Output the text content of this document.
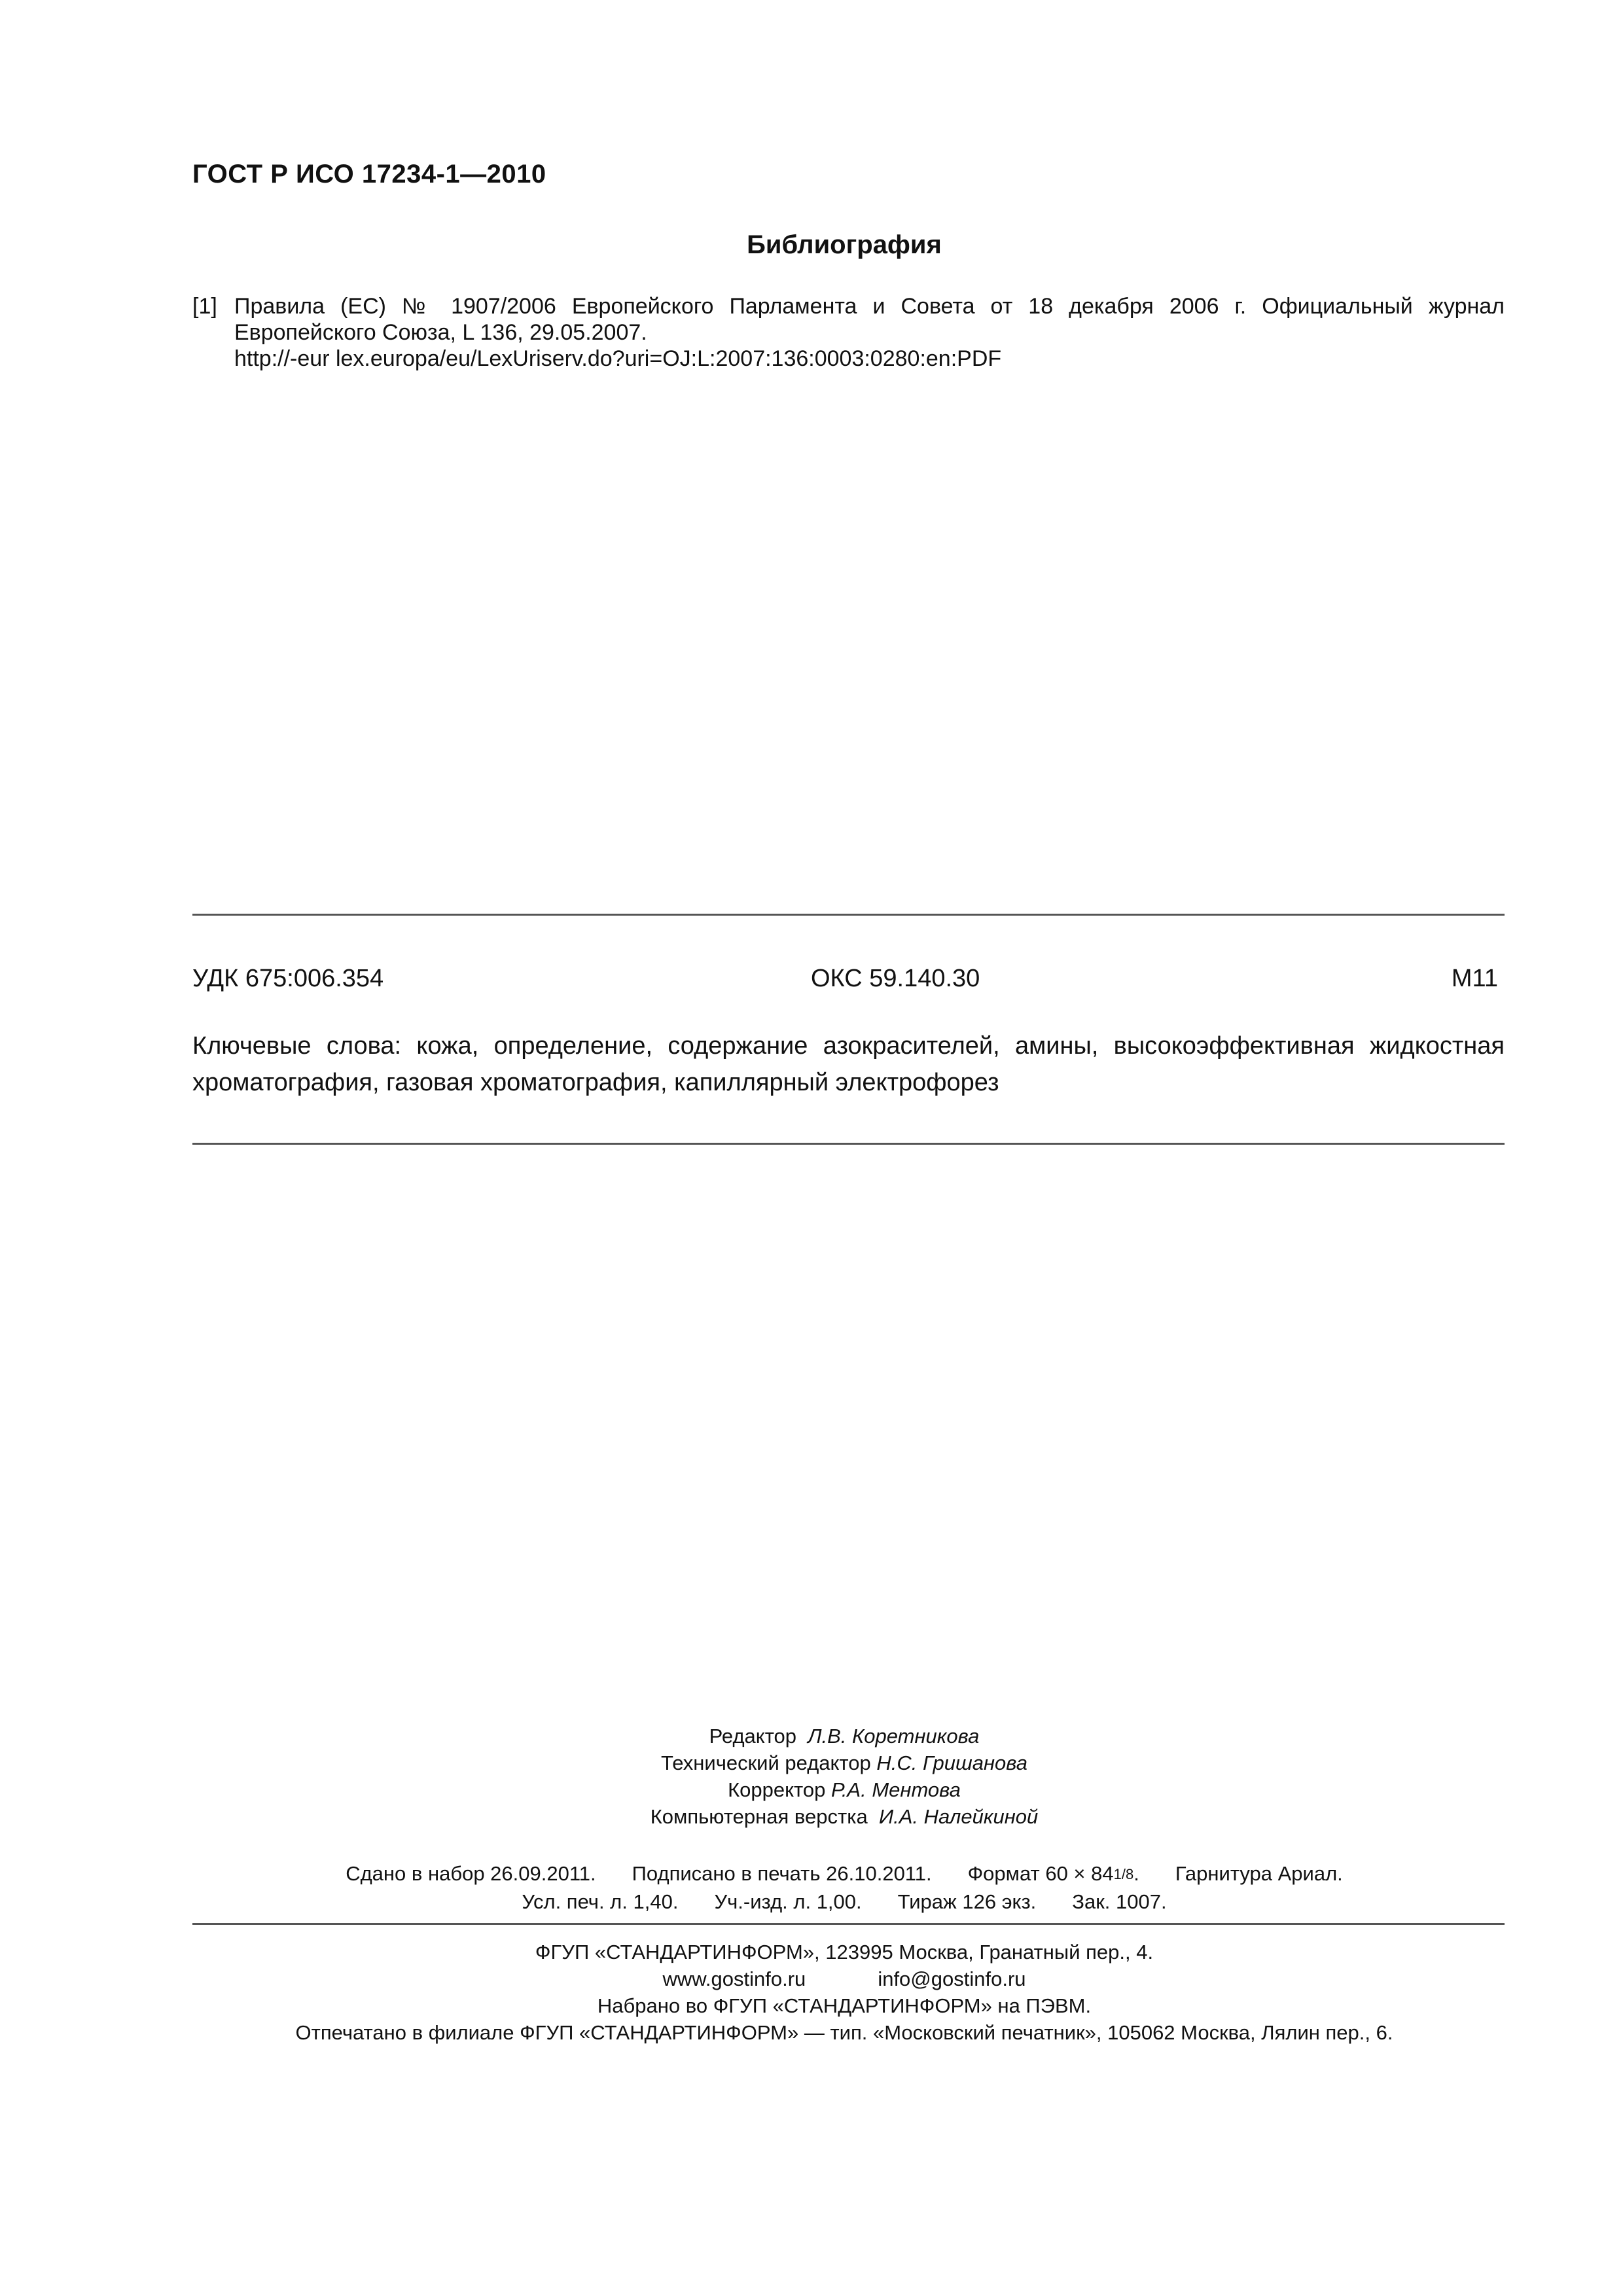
ГОСТ Р ИСО 17234-1—2010
Библиография
[1] Правила (ЕС) № 1907/2006 Европейского Парламента и Совета от 18 декабря 2006 г. Официальный журнал Европейского Союза, L 136, 29.05.2007.
http://-eur lex.europa/eu/LexUriserv.do?uri=OJ:L:2007:136:0003:0280:en:PDF
УДК 675:006.354	ОКС 59.140.30	М11
Ключевые слова: кожа, определение, содержание азокрасителей, амины, высокоэффективная жидкостная хроматография, газовая хроматография, капиллярный электрофорез
Редактор Л.В. Коретникова
Технический редактор Н.С. Гришанова
Корректор Р.А. Ментова
Компьютерная верстка И.А. Налейкиной
Сдано в набор 26.09.2011. Подписано в печать 26.10.2011. Формат 60 × 841/8. Гарнитура Ариал.
Усл. печ. л. 1,40. Уч.-изд. л. 1,00. Тираж 126 экз. Зак. 1007.
ФГУП «СТАНДАРТИНФОРМ», 123995 Москва, Гранатный пер., 4.
www.gostinfo.ru	info@gostinfo.ru
Набрано во ФГУП «СТАНДАРТИНФОРМ» на ПЭВМ.
Отпечатано в филиале ФГУП «СТАНДАРТИНФОРМ» — тип. «Московский печатник», 105062 Москва, Лялин пер., 6.
